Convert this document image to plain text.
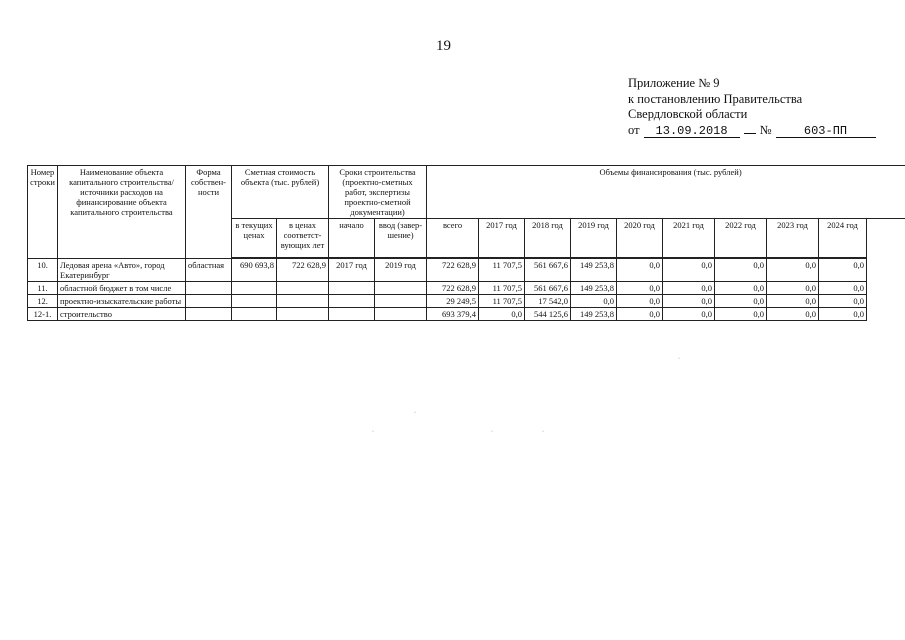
19
Приложение № 9
к постановлению Правительства
Свердловской области
от	13.09.2018	№	603-ПП
Номер строки	Наименование объекта капитального строительства/ источники расходов на финансирование объекта капитального строительства	Форма собствен-ности	Сметная стоимость объекта (тыс. рублей)		Сроки строительства (проектно-сметных работ, экспертизы проектно-сметной документации)		Объемы финансирования (тыс. рублей)								
			в текущих ценах	в ценах соответст-вующих лет	начало	ввод (завер-шение)	всего	2017 год	2018 год	2019 год	2020 год	2021 год	2022 год	2023 год	2024 год
10.	Ледовая арена «Авто», город Екатеринбург	областная	690 693,8	722 628,9	2017 год	2019 год	722 628,9	11 707,5	561 667,6	149 253,8	0,0	0,0	0,0	0,0	0,0
11.	областной бюджет в том числе						722 628,9	11 707,5	561 667,6	149 253,8	0,0	0,0	0,0	0,0	0,0
12.	проектно-изыскательские работы						29 249,5	11 707,5	17 542,0	0,0	0,0	0,0	0,0	0,0	0,0
12-1.	строительство						693 379,4	0,0	544 125,6	149 253,8	0,0	0,0	0,0	0,0	0,0
·
·	·	·
·
